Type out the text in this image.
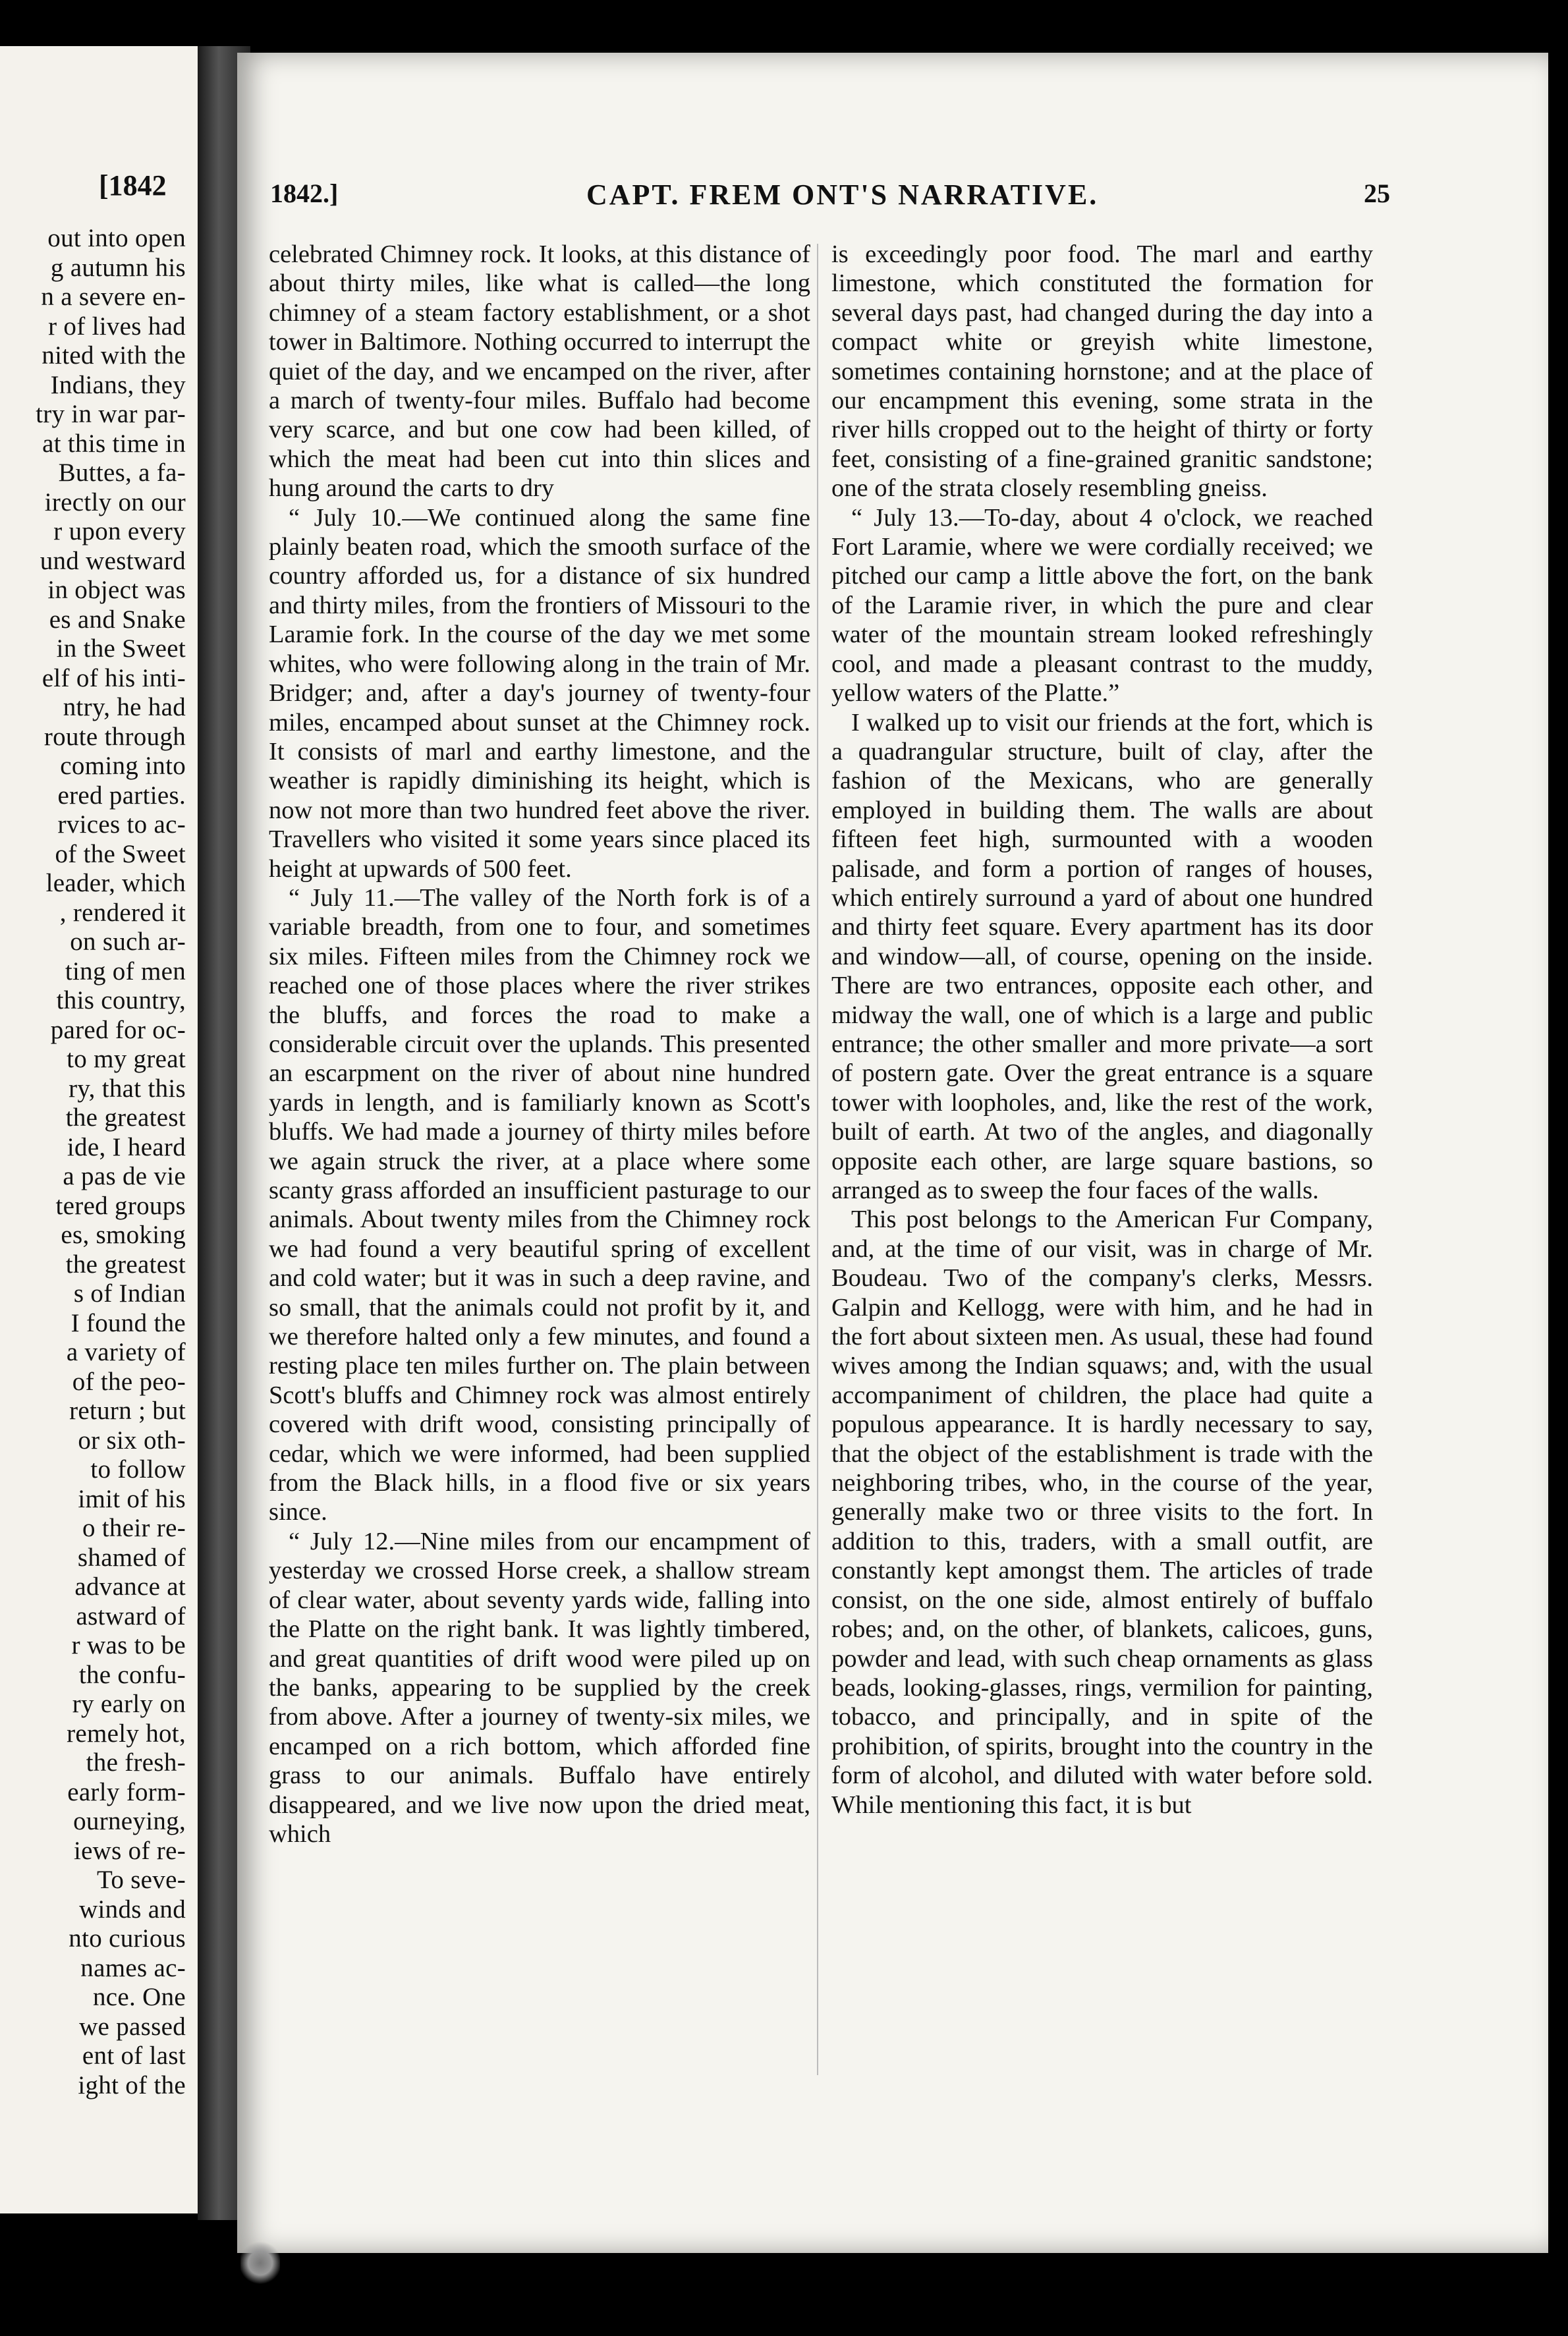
[1842
out into open
g autumn his
n a severe en-
r of lives had
nited with the
Indians, they
try in war par-
at this time in
Buttes, a fa-
irectly on our
r upon every
und westward
in object was
es and Snake
in the Sweet
elf of his inti-
ntry, he had
route through
coming into
ered parties.
rvices to ac-
of the Sweet
leader, which
, rendered it
on such ar-
ting of men
this country,
pared for oc-
to my great
ry, that this
the greatest
ide, I heard
a pas de vie
tered groups
es, smoking
the greatest
s of Indian
I found the
a variety of
of the peo-
return ; but
or six oth-
to follow
imit of his
o their re-
shamed of
advance at
astward of
r was to be
the confu-
ry early on
remely hot,
the fresh-
early form-
ourneying,
iews of re-
To seve-
winds and
nto curious
names ac-
nce. One
we passed
ent of last
ight of the
1842.]	CAPT. FREM ONT'S NARRATIVE.	25

celebrated Chimney rock. It looks, at this distance of about thirty miles, like what is called—the long chimney of a steam factory establishment, or a shot tower in Baltimore. Nothing occurred to interrupt the quiet of the day, and we encamped on the river, after a march of twenty-four miles. Buffalo had become very scarce, and but one cow had been killed, of which the meat had been cut into thin slices and hung around the carts to dry

“ July 10.—We continued along the same fine plainly beaten road, which the smooth surface of the country afforded us, for a distance of six hundred and thirty miles, from the frontiers of Missouri to the Laramie fork. In the course of the day we met some whites, who were following along in the train of Mr. Bridger; and, after a day's journey of twenty-four miles, encamped about sunset at the Chimney rock. It consists of marl and earthy limestone, and the weather is rapidly diminishing its height, which is now not more than two hundred feet above the river. Travellers who visited it some years since placed its height at upwards of 500 feet.

“ July 11.—The valley of the North fork is of a variable breadth, from one to four, and sometimes six miles. Fifteen miles from the Chimney rock we reached one of those places where the river strikes the bluffs, and forces the road to make a considerable circuit over the uplands. This presented an escarpment on the river of about nine hundred yards in length, and is familiarly known as Scott's bluffs. We had made a journey of thirty miles before we again struck the river, at a place where some scanty grass afforded an insufficient pasturage to our animals. About twenty miles from the Chimney rock we had found a very beautiful spring of excellent and cold water; but it was in such a deep ravine, and so small, that the animals could not profit by it, and we therefore halted only a few minutes, and found a resting place ten miles further on. The plain between Scott's bluffs and Chimney rock was almost entirely covered with drift wood, consisting principally of cedar, which we were informed, had been supplied from the Black hills, in a flood five or six years since.

“ July 12.—Nine miles from our encampment of yesterday we crossed Horse creek, a shallow stream of clear water, about seventy yards wide, falling into the Platte on the right bank. It was lightly timbered, and great quantities of drift wood were piled up on the banks, appearing to be supplied by the creek from above. After a journey of twenty-six miles, we encamped on a rich bottom, which afforded fine grass to our animals. Buffalo have entirely disappeared, and we live now upon the dried meat, which

is exceedingly poor food. The marl and earthy limestone, which constituted the formation for several days past, had changed during the day into a compact white or greyish white limestone, sometimes containing hornstone; and at the place of our encampment this evening, some strata in the river hills cropped out to the height of thirty or forty feet, consisting of a fine-grained granitic sandstone; one of the strata closely resembling gneiss.

“ July 13.—To-day, about 4 o'clock, we reached Fort Laramie, where we were cordially received; we pitched our camp a little above the fort, on the bank of the Laramie river, in which the pure and clear water of the mountain stream looked refreshingly cool, and made a pleasant contrast to the muddy, yellow waters of the Platte.”

I walked up to visit our friends at the fort, which is a quadrangular structure, built of clay, after the fashion of the Mexicans, who are generally employed in building them. The walls are about fifteen feet high, surmounted with a wooden palisade, and form a portion of ranges of houses, which entirely surround a yard of about one hundred and thirty feet square. Every apartment has its door and window—all, of course, opening on the inside. There are two entrances, opposite each other, and midway the wall, one of which is a large and public entrance; the other smaller and more private—a sort of postern gate. Over the great entrance is a square tower with loopholes, and, like the rest of the work, built of earth. At two of the angles, and diagonally opposite each other, are large square bastions, so arranged as to sweep the four faces of the walls.

This post belongs to the American Fur Company, and, at the time of our visit, was in charge of Mr. Boudeau. Two of the company's clerks, Messrs. Galpin and Kellogg, were with him, and he had in the fort about sixteen men. As usual, these had found wives among the Indian squaws; and, with the usual accompaniment of children, the place had quite a populous appearance. It is hardly necessary to say, that the object of the establishment is trade with the neighboring tribes, who, in the course of the year, generally make two or three visits to the fort. In addition to this, traders, with a small outfit, are constantly kept amongst them. The articles of trade consist, on the one side, almost entirely of buffalo robes; and, on the other, of blankets, calicoes, guns, powder and lead, with such cheap ornaments as glass beads, looking-glasses, rings, vermilion for painting, tobacco, and principally, and in spite of the prohibition, of spirits, brought into the country in the form of alcohol, and diluted with water before sold. While mentioning this fact, it is but
